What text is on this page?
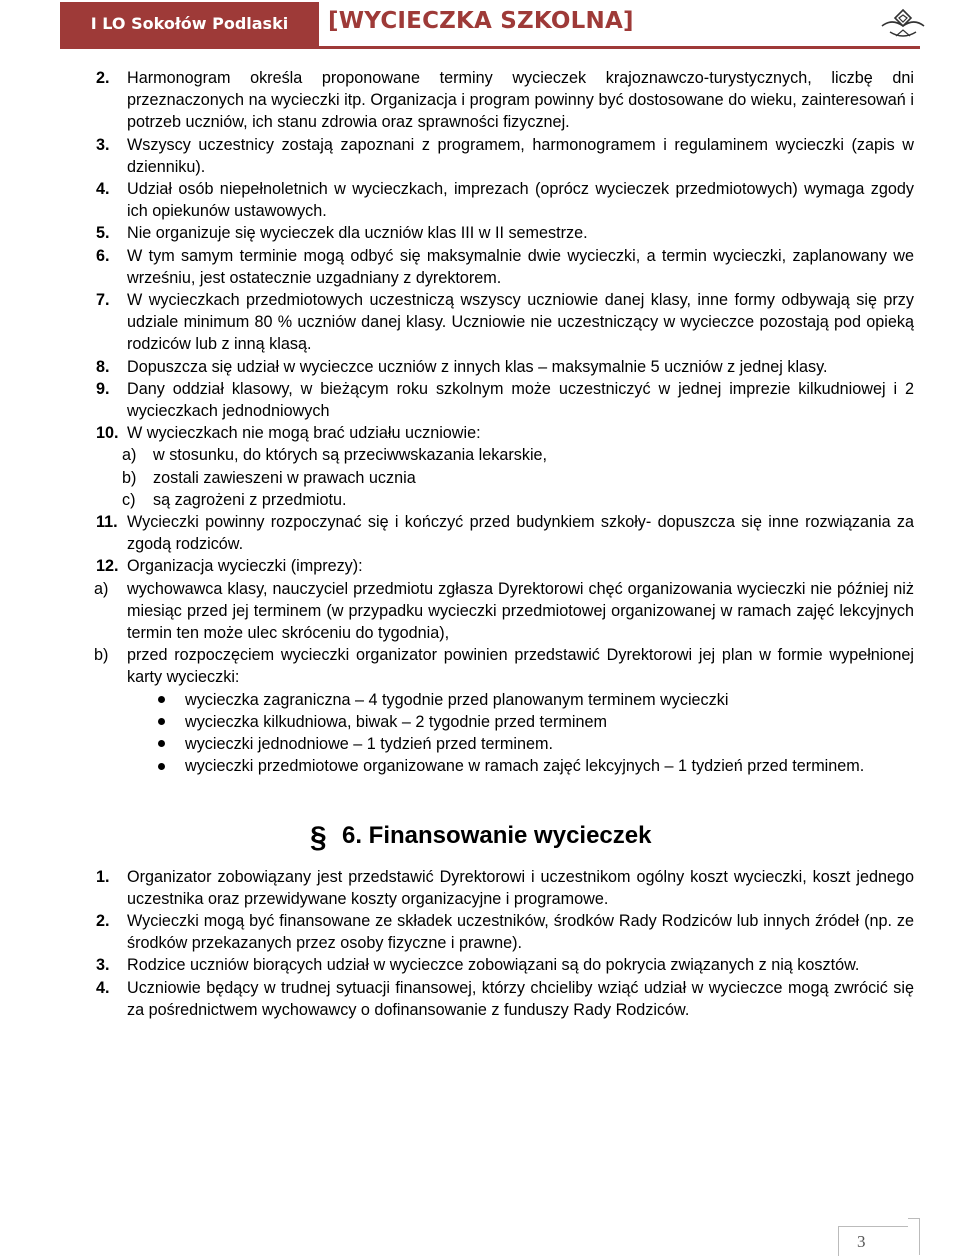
I LO Sokołów Podlaski	[WYCIECZKA SZKOLNA]
2.	Harmonogram określa proponowane terminy wycieczek krajoznawczo-turystycznych, liczbę dni przeznaczonych na wycieczki itp. Organizacja i program powinny być dostosowane do wieku, zainteresowań i potrzeb uczniów, ich stanu zdrowia oraz sprawności fizycznej.
3.	Wszyscy uczestnicy zostają zapoznani z programem, harmonogramem i regulaminem wycieczki (zapis w dzienniku).
4.	Udział osób niepełnoletnich w wycieczkach, imprezach (oprócz wycieczek przedmiotowych) wymaga zgody ich opiekunów ustawowych.
5.	Nie organizuje się wycieczek dla uczniów klas III w II semestrze.
6.	W tym samym terminie mogą odbyć się maksymalnie dwie wycieczki, a termin wycieczki, zaplanowany we wrześniu, jest ostatecznie uzgadniany z dyrektorem.
7.	W wycieczkach przedmiotowych uczestniczą wszyscy uczniowie danej klasy, inne formy odbywają się przy udziale minimum 80 % uczniów danej klasy. Uczniowie nie uczestniczący w wycieczce pozostają pod opieką rodziców lub z inną klasą.
8.	Dopuszcza się udział w wycieczce uczniów z innych klas – maksymalnie 5 uczniów z jednej klasy.
9.	Dany oddział klasowy, w bieżącym roku szkolnym może uczestniczyć w jednej imprezie kilkudniowej i 2 wycieczkach jednodniowych
10. W wycieczkach nie mogą brać udziału uczniowie:
a)	w stosunku, do których są przeciwwskazania lekarskie,
b)	zostali zawieszeni w prawach ucznia
c)	są zagrożeni z przedmiotu.
11. Wycieczki powinny rozpoczynać się i kończyć przed budynkiem szkoły- dopuszcza się inne rozwiązania za zgodą rodziców.
12. Organizacja wycieczki (imprezy):
a)	wychowawca klasy, nauczyciel przedmiotu zgłasza Dyrektorowi chęć organizowania wycieczki nie później niż miesiąc przed jej terminem (w przypadku wycieczki przedmiotowej organizowanej w ramach zajęć lekcyjnych termin ten może ulec skróceniu do tygodnia),
b)	przed rozpoczęciem wycieczki organizator powinien przedstawić Dyrektorowi jej plan w formie wypełnionej karty wycieczki:
wycieczka zagraniczna – 4 tygodnie przed planowanym terminem wycieczki
wycieczka kilkudniowa, biwak – 2 tygodnie przed terminem
wycieczki jednodniowe – 1 tydzień przed terminem.
wycieczki przedmiotowe organizowane w ramach zajęć lekcyjnych – 1 tydzień przed terminem.
§ 6. Finansowanie wycieczek
1.	Organizator zobowiązany jest przedstawić Dyrektorowi i uczestnikom ogólny koszt wycieczki, koszt jednego uczestnika oraz przewidywane koszty organizacyjne i programowe.
2.	Wycieczki mogą być finansowane ze składek uczestników, środków Rady Rodziców lub innych źródeł (np. ze środków przekazanych przez osoby fizyczne i prawne).
3.	Rodzice uczniów biorących udział w wycieczce zobowiązani są do pokrycia związanych z nią kosztów.
4.	Uczniowie będący w trudnej sytuacji finansowej, którzy chcieliby wziąć udział w wycieczce mogą zwrócić się za pośrednictwem wychowawcy o dofinansowanie z funduszy Rady Rodziców.
3
